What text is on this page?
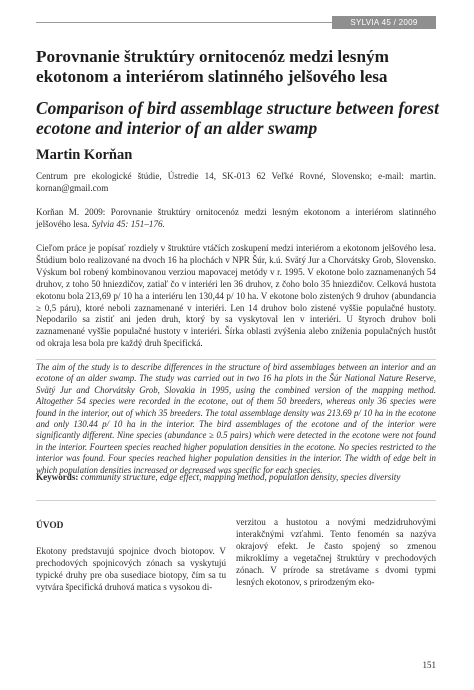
SYLVIA 45 / 2009
Porovnanie štruktúry ornitocenóz medzi lesným ekotonom a interiérom slatinného jelšového lesa
Comparison of bird assemblage structure between forest ecotone and interior of an alder swamp
Martin Korňan

Centrum pre ekologické štúdie, Ústredie 14, SK-013 62 Veľké Rovné, Slovensko; e-mail: martin. kornan@gmail.com

Korňan M. 2009: Porovnanie štruktúry ornitocenóz medzi lesným ekotonom a interiérom slatinného jelšového lesa. Sylvia 45: 151–176.

Cieľom práce je popísať rozdiely v štruktúre vtáčích zoskupení medzi interiérom a ekotonom jelšového lesa. Štúdium bolo realizované na dvoch 16 ha plochách v NPR Šúr, k.ú. Svätý Jur a Chorvátsky Grob, Slovensko. Výskum bol robený kombinovanou verziou mapovacej metódy v r. 1995. V ekotone bolo zaznamenaných 54 druhov, z toho 50 hniezdičov, zatiaľ čo v interiéri len 36 druhov, z čoho bolo 35 hniezdičov. Celková hustota ekotonu bola 213,69 p/ 10 ha a interiéru len 130,44 p/ 10 ha. V ekotone bolo zistených 9 druhov (abundancia ≥ 0,5 páru), ktoré neboli zaznamenané v interiéri. Len 14 druhov bolo zistené vyššie populačné hustoty. Nepodarilo sa zistiť ani jeden druh, ktorý by sa vyskytoval len v interiéri. U štyroch druhov boli zaznamenané vyššie populačné hustoty v interiéri. Šírka oblasti zvýšenia alebo zníženia populačných hustôt od okraja lesa bola pre každý druh špecifická.

The aim of the study is to describe differences in the structure of bird assemblages between an interior and an ecotone of an alder swamp. The study was carried out in two 16 ha plots in the Šúr National Nature Reserve, Svätý Jur and Chorvátsky Grob, Slovakia in 1995, using the combined version of the mapping method. Altogether 54 species were recorded in the ecotone, out of them 50 breeders, whereas only 36 species were found in the interior, out of which 35 breeders. The total assemblage density was 213.69 p/ 10 ha in the ecotone and only 130.44 p/ 10 ha in the interior. The bird assemblages of the ecotone and of the interior were significantly different. Nine species (abundance ≥ 0.5 pairs) which were detected in the ecotone were not found in the interior. Fourteen species reached higher population densities in the ecotone. No species restricted to the interior was found. Four species reached higher population densities in the interior. The width of edge belt in which population densities increased or decreased was specific for each species.

Keywords: community structure, edge effect, mapping method, population density, species diversity

ÚVOD

Ekotony predstavujú spojnice dvoch biotopov. V prechodových spojnicových zónach sa vyskytujú typické druhy pre oba susediace biotopy, čím sa tu vytvára špecifická druhová matica s vysokou di-

verzitou a hustotou a novými medzidruhovými interakčnými vzťahmi. Tento fenomén sa nazýva okrajový efekt. Je často spojený so zmenou mikroklímy a vegetačnej štruktúry v prechodových zónach. V prírode sa stretávame s dvomi typmi lesných ekotonov, s prirodzeným eko-

151
